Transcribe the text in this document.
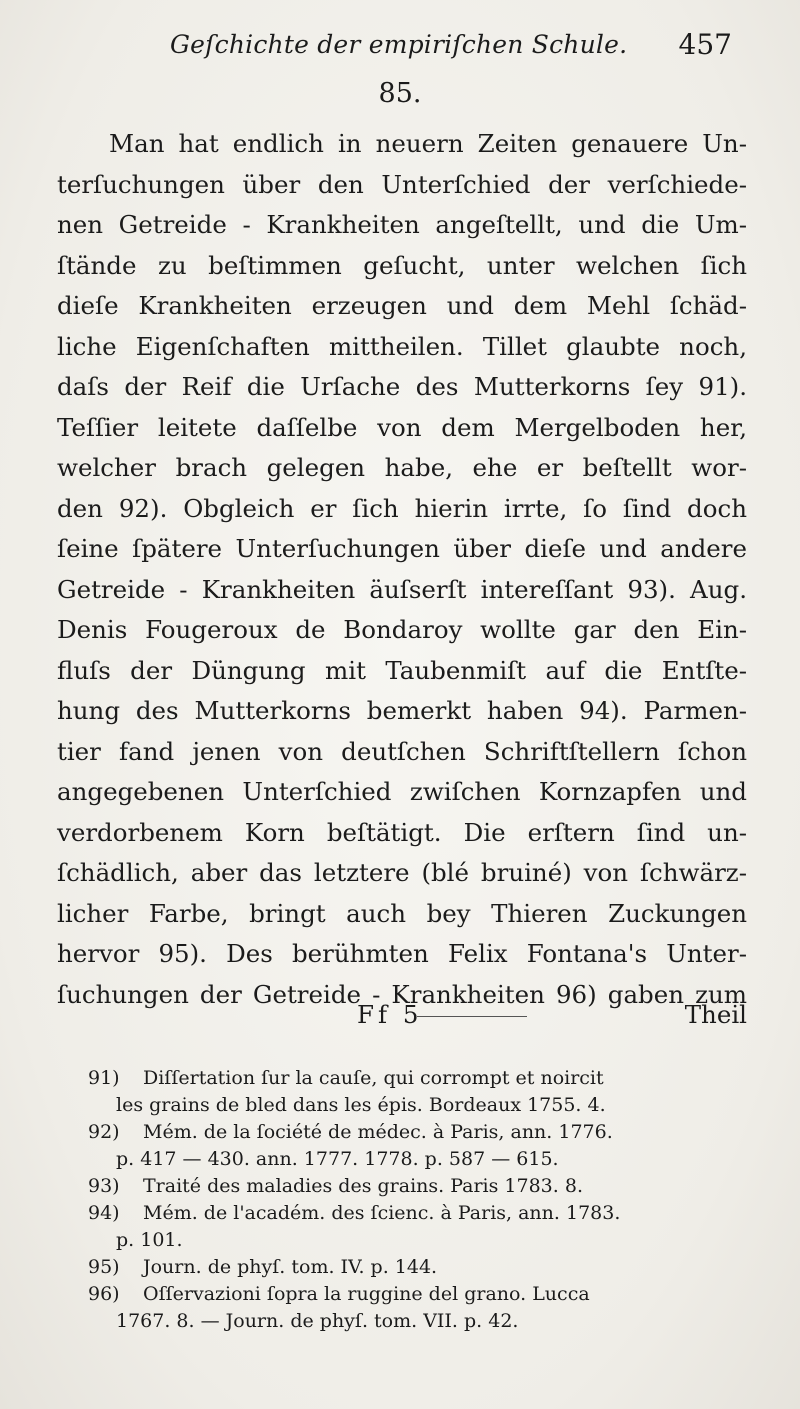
Geſchichte der empiriſchen Schule. 457
85.
Man hat endlich in neuern Zeiten genauere Un-
terſuchungen über den Unterſchied der verſchiede-
nen Getreide - Krankheiten angeſtellt, und die Um-
ſtände zu beſtimmen geſucht, unter welchen ſich
dieſe Krankheiten erzeugen und dem Mehl ſchäd-
liche Eigenſchaften mittheilen. Tillet glaubte noch,
daſs der Reif die Urſache des Mutterkorns ſey 91).
Teſſier leitete daſſelbe von dem Mergelboden her,
welcher brach gelegen habe, ehe er beſtellt wor-
den 92). Obgleich er ſich hierin irrte, ſo ſind doch
ſeine ſpätere Unterſuchungen über dieſe und andere
Getreide - Krankheiten äuſserſt intereſſant 93). Aug.
Denis Fougeroux de Bondaroy wollte gar den Ein-
fluſs der Düngung mit Taubenmiſt auf die Entſte-
hung des Mutterkorns bemerkt haben 94). Parmen-
tier fand jenen von deutſchen Schriftſtellern ſchon
angegebenen Unterſchied zwiſchen Kornzapfen und
verdorbenem Korn beſtätigt. Die erſtern ſind un-
ſchädlich, aber das letztere (blé bruiné) von ſchwärz-
licher Farbe, bringt auch bey Thieren Zuckungen
hervor 95). Des berühmten Felix Fontana's Unter-
ſuchungen der Getreide - Krankheiten 96) gaben zum
Ff 5	Theil
91) Diſſertation ſur la cauſe, qui corrompt et noircit
les grains de bled dans les épis. Bordeaux 1755. 4.
92) Mém. de la ſociété de médec. à Paris, ann. 1776.
p. 417 — 430. ann. 1777. 1778. p. 587 — 615.
93) Traité des maladies des grains. Paris 1783. 8.
94) Mém. de l'académ. des ſcienc. à Paris, ann. 1783.
p. 101.
95) Journ. de phyſ. tom. IV. p. 144.
96) Oſſervazioni ſopra la ruggine del grano. Lucca
1767. 8. — Journ. de phyſ. tom. VII. p. 42.
